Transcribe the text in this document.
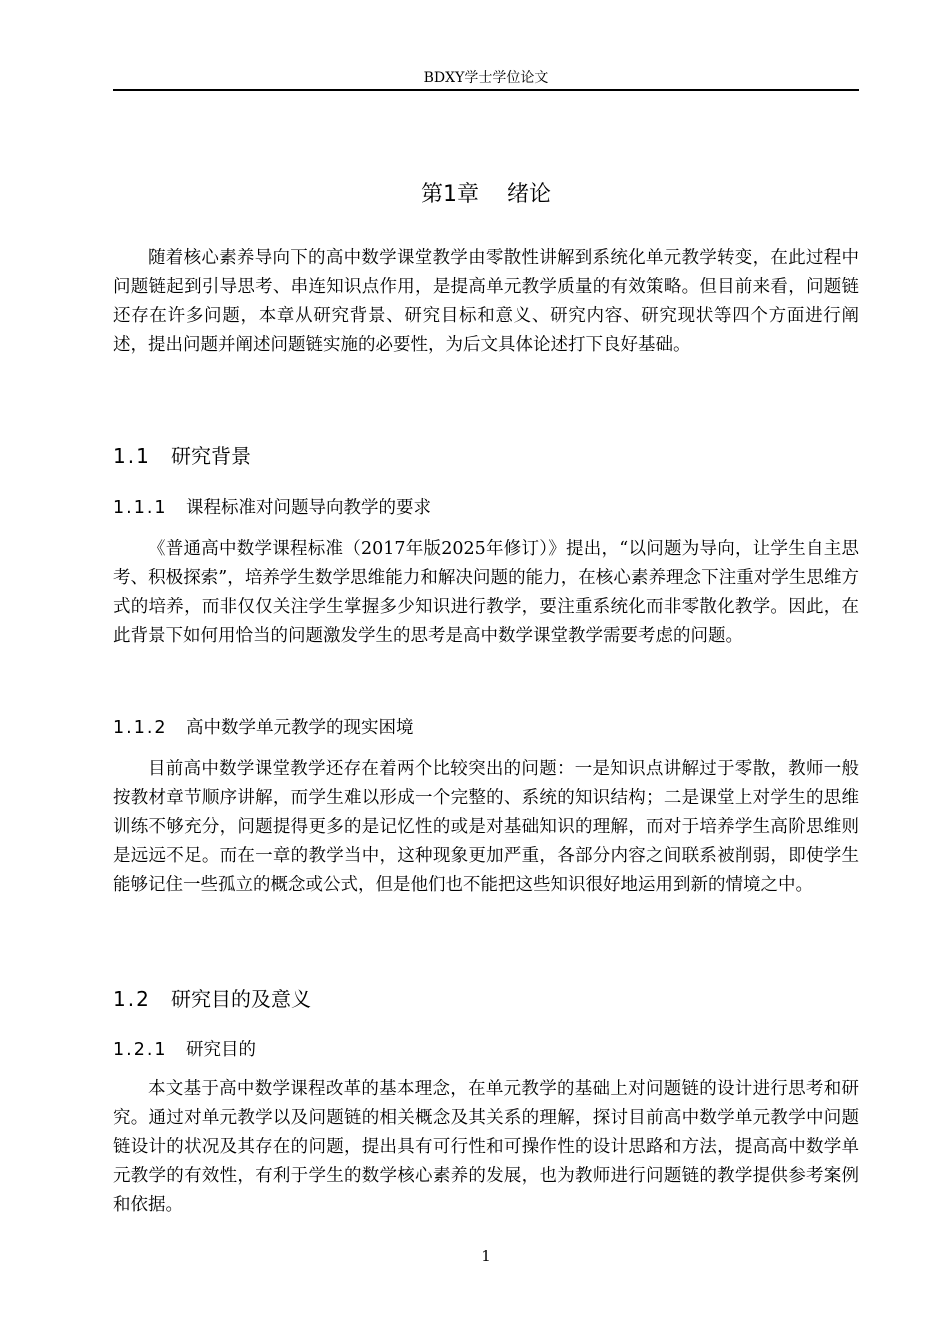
BDXY学士学位论文
第1章    绪论

随着核心素养导向下的高中数学课堂教学由零散性讲解到系统化单元教学转变，在此过程中问题链起到引导思考、串连知识点作用，是提高单元教学质量的有效策略。但目前来看，问题链还存在许多问题，本章从研究背景、研究目标和意义、研究内容、研究现状等四个方面进行阐述，提出问题并阐述问题链实施的必要性，为后文具体论述打下良好基础。

1.1 研究背景
1.1.1 课程标准对问题导向教学的要求

《普通高中数学课程标准（2017年版2025年修订）》提出，“以问题为导向，让学生自主思考、积极探索”，培养学生数学思维能力和解决问题的能力，在核心素养理念下注重对学生思维方式的培养，而非仅仅关注学生掌握多少知识进行教学，要注重系统化而非零散化教学。因此，在此背景下如何用恰当的问题激发学生的思考是高中数学课堂教学需要考虑的问题。

1.1.2 高中数学单元教学的现实困境

目前高中数学课堂教学还存在着两个比较突出的问题：一是知识点讲解过于零散，教师一般按教材章节顺序讲解，而学生难以形成一个完整的、系统的知识结构；二是课堂上对学生的思维训练不够充分，问题提得更多的是记忆性的或是对基础知识的理解，而对于培养学生高阶思维则是远远不足。而在一章的教学当中，这种现象更加严重，各部分内容之间联系被削弱，即使学生能够记住一些孤立的概念或公式，但是他们也不能把这些知识很好地运用到新的情境之中。

1.2 研究目的及意义
1.2.1 研究目的

本文基于高中数学课程改革的基本理念，在单元教学的基础上对问题链的设计进行思考和研究。通过对单元教学以及问题链的相关概念及其关系的理解，探讨目前高中数学单元教学中问题链设计的状况及其存在的问题，提出具有可行性和可操作性的设计思路和方法，提高高中数学单元教学的有效性，有利于学生的数学核心素养的发展，也为教师进行问题链的教学提供参考案例和依据。

1
